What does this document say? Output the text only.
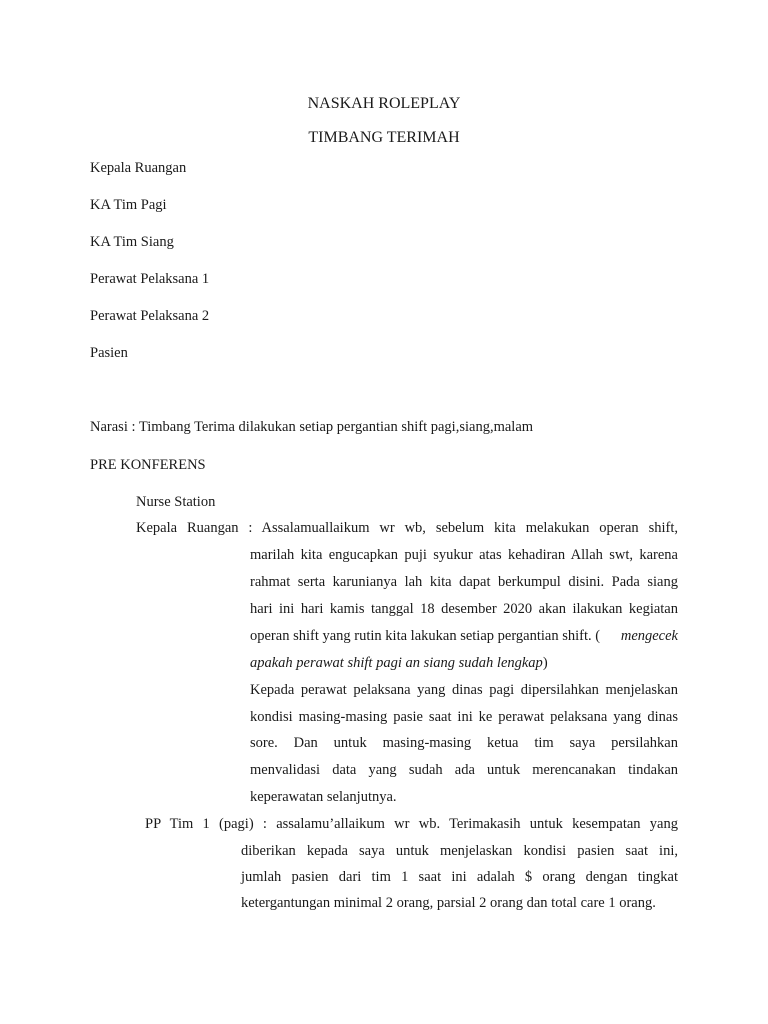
NASKAH ROLEPLAY
TIMBANG TERIMAH
Kepala Ruangan
KA Tim Pagi
KA Tim Siang
Perawat Pelaksana 1
Perawat Pelaksana 2
Pasien
Narasi : Timbang Terima dilakukan setiap pergantian shift pagi,siang,malam
PRE KONFERENS
Nurse Station
Kepala Ruangan : Assalamuallaikum wr wb, sebelum kita melakukan operan shift,
marilah kita engucapkan puji syukur atas kehadiran Allah swt, karena
rahmat serta karunianya lah kita dapat berkumpul disini. Pada siang
hari ini hari kamis tanggal 18 desember 2020 akan ilakukan kegiatan
operan shift yang rutin kita lakukan setiap pergantian shift. ( mengecek
apakah perawat shift pagi an siang sudah lengkap)
Kepada perawat pelaksana yang dinas pagi dipersilahkan menjelaskan
kondisi masing-masing pasie saat ini ke perawat pelaksana yang dinas
sore. Dan untuk masing-masing ketua tim saya persilahkan
menvalidasi data yang sudah ada untuk merencanakan tindakan
keperawatan selanjutnya.
PP Tim 1 (pagi) : assalamu’allaikum wr wb. Terimakasih untuk kesempatan yang
diberikan kepada saya untuk menjelaskan kondisi pasien saat ini,
jumlah pasien dari tim 1 saat ini adalah $ orang dengan tingkat
ketergantungan minimal 2 orang, parsial 2 orang dan total care 1 orang.
